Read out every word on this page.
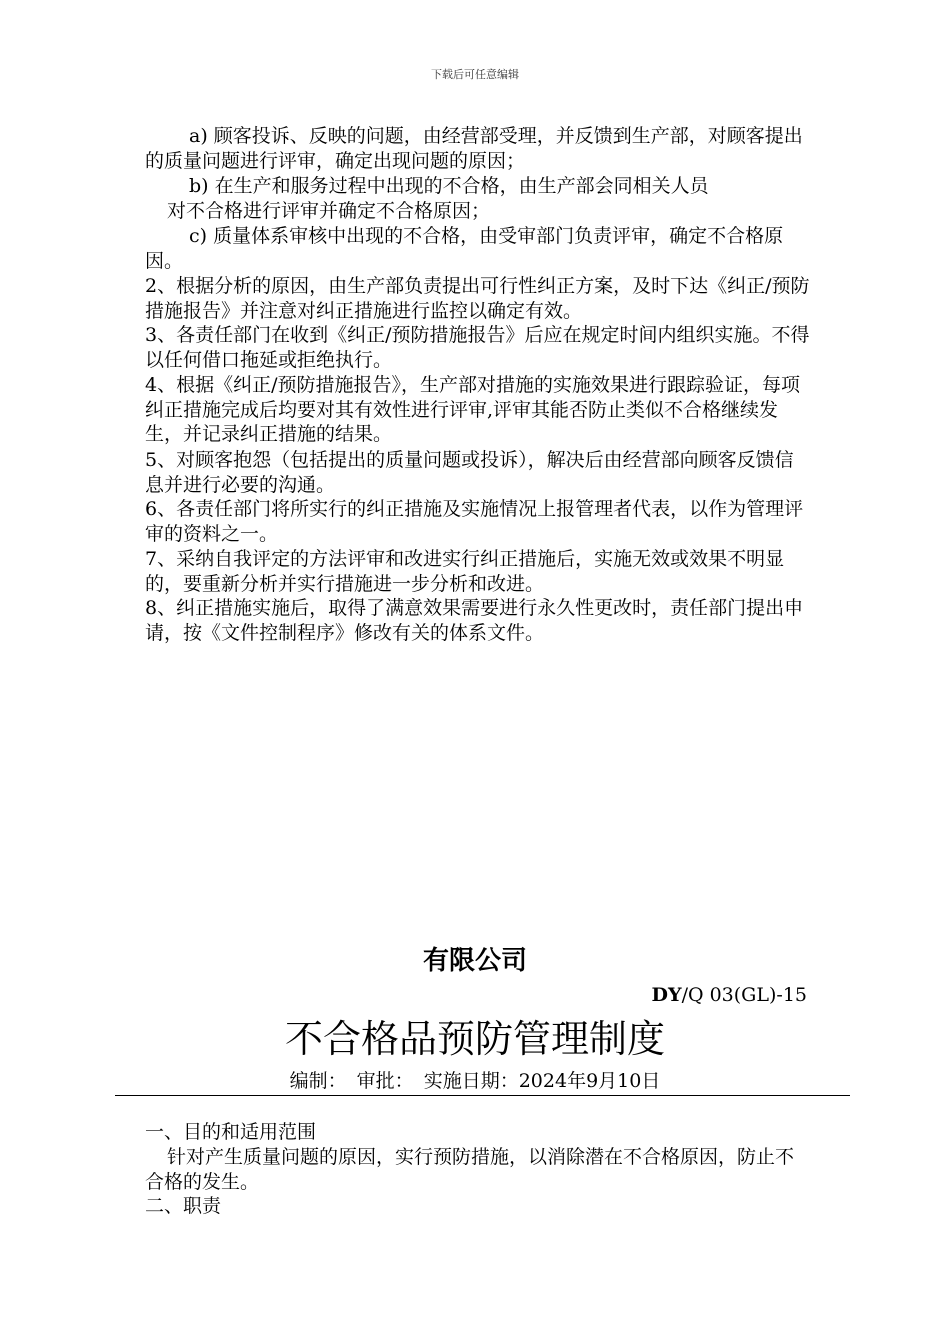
下载后可任意编辑

a) 顾客投诉、反映的问题，由经营部受理，并反馈到生产部，对顾客提出的质量问题进行评审，确定出现问题的原因；

b) 在生产和服务过程中出现的不合格，由生产部会同相关人员

对不合格进行评审并确定不合格原因；

c) 质量体系审核中出现的不合格，由受审部门负责评审，确定不合格原因。

2、根据分析的原因，由生产部负责提出可行性纠正方案，及时下达《纠正/预防措施报告》并注意对纠正措施进行监控以确定有效。

3、各责任部门在收到《纠正/预防措施报告》后应在规定时间内组织实施。不得以任何借口拖延或拒绝执行。

4、根据《纠正/预防措施报告》，生产部对措施的实施效果进行跟踪验证，每项纠正措施完成后均要对其有效性进行评审,评审其能否防止类似不合格继续发生，并记录纠正措施的结果。

5、对顾客抱怨（包括提出的质量问题或投诉），解决后由经营部向顾客反馈信息并进行必要的沟通。

6、各责任部门将所实行的纠正措施及实施情况上报管理者代表，以作为管理评审的资料之一。

7、采纳自我评定的方法评审和改进实行纠正措施后，实施无效或效果不明显的，要重新分析并实行措施进一步分析和改进。

8、纠正措施实施后，取得了满意效果需要进行永久性更改时，责任部门提出申请，按《文件控制程序》修改有关的体系文件。

有限公司
DY/Q 03(GL)-15
不合格品预防管理制度
编制： 审批： 实施日期：2024年9月10日

一、目的和适用范围

针对产生质量问题的原因，实行预防措施，以消除潜在不合格原因，防止不合格的发生。

二、职责
